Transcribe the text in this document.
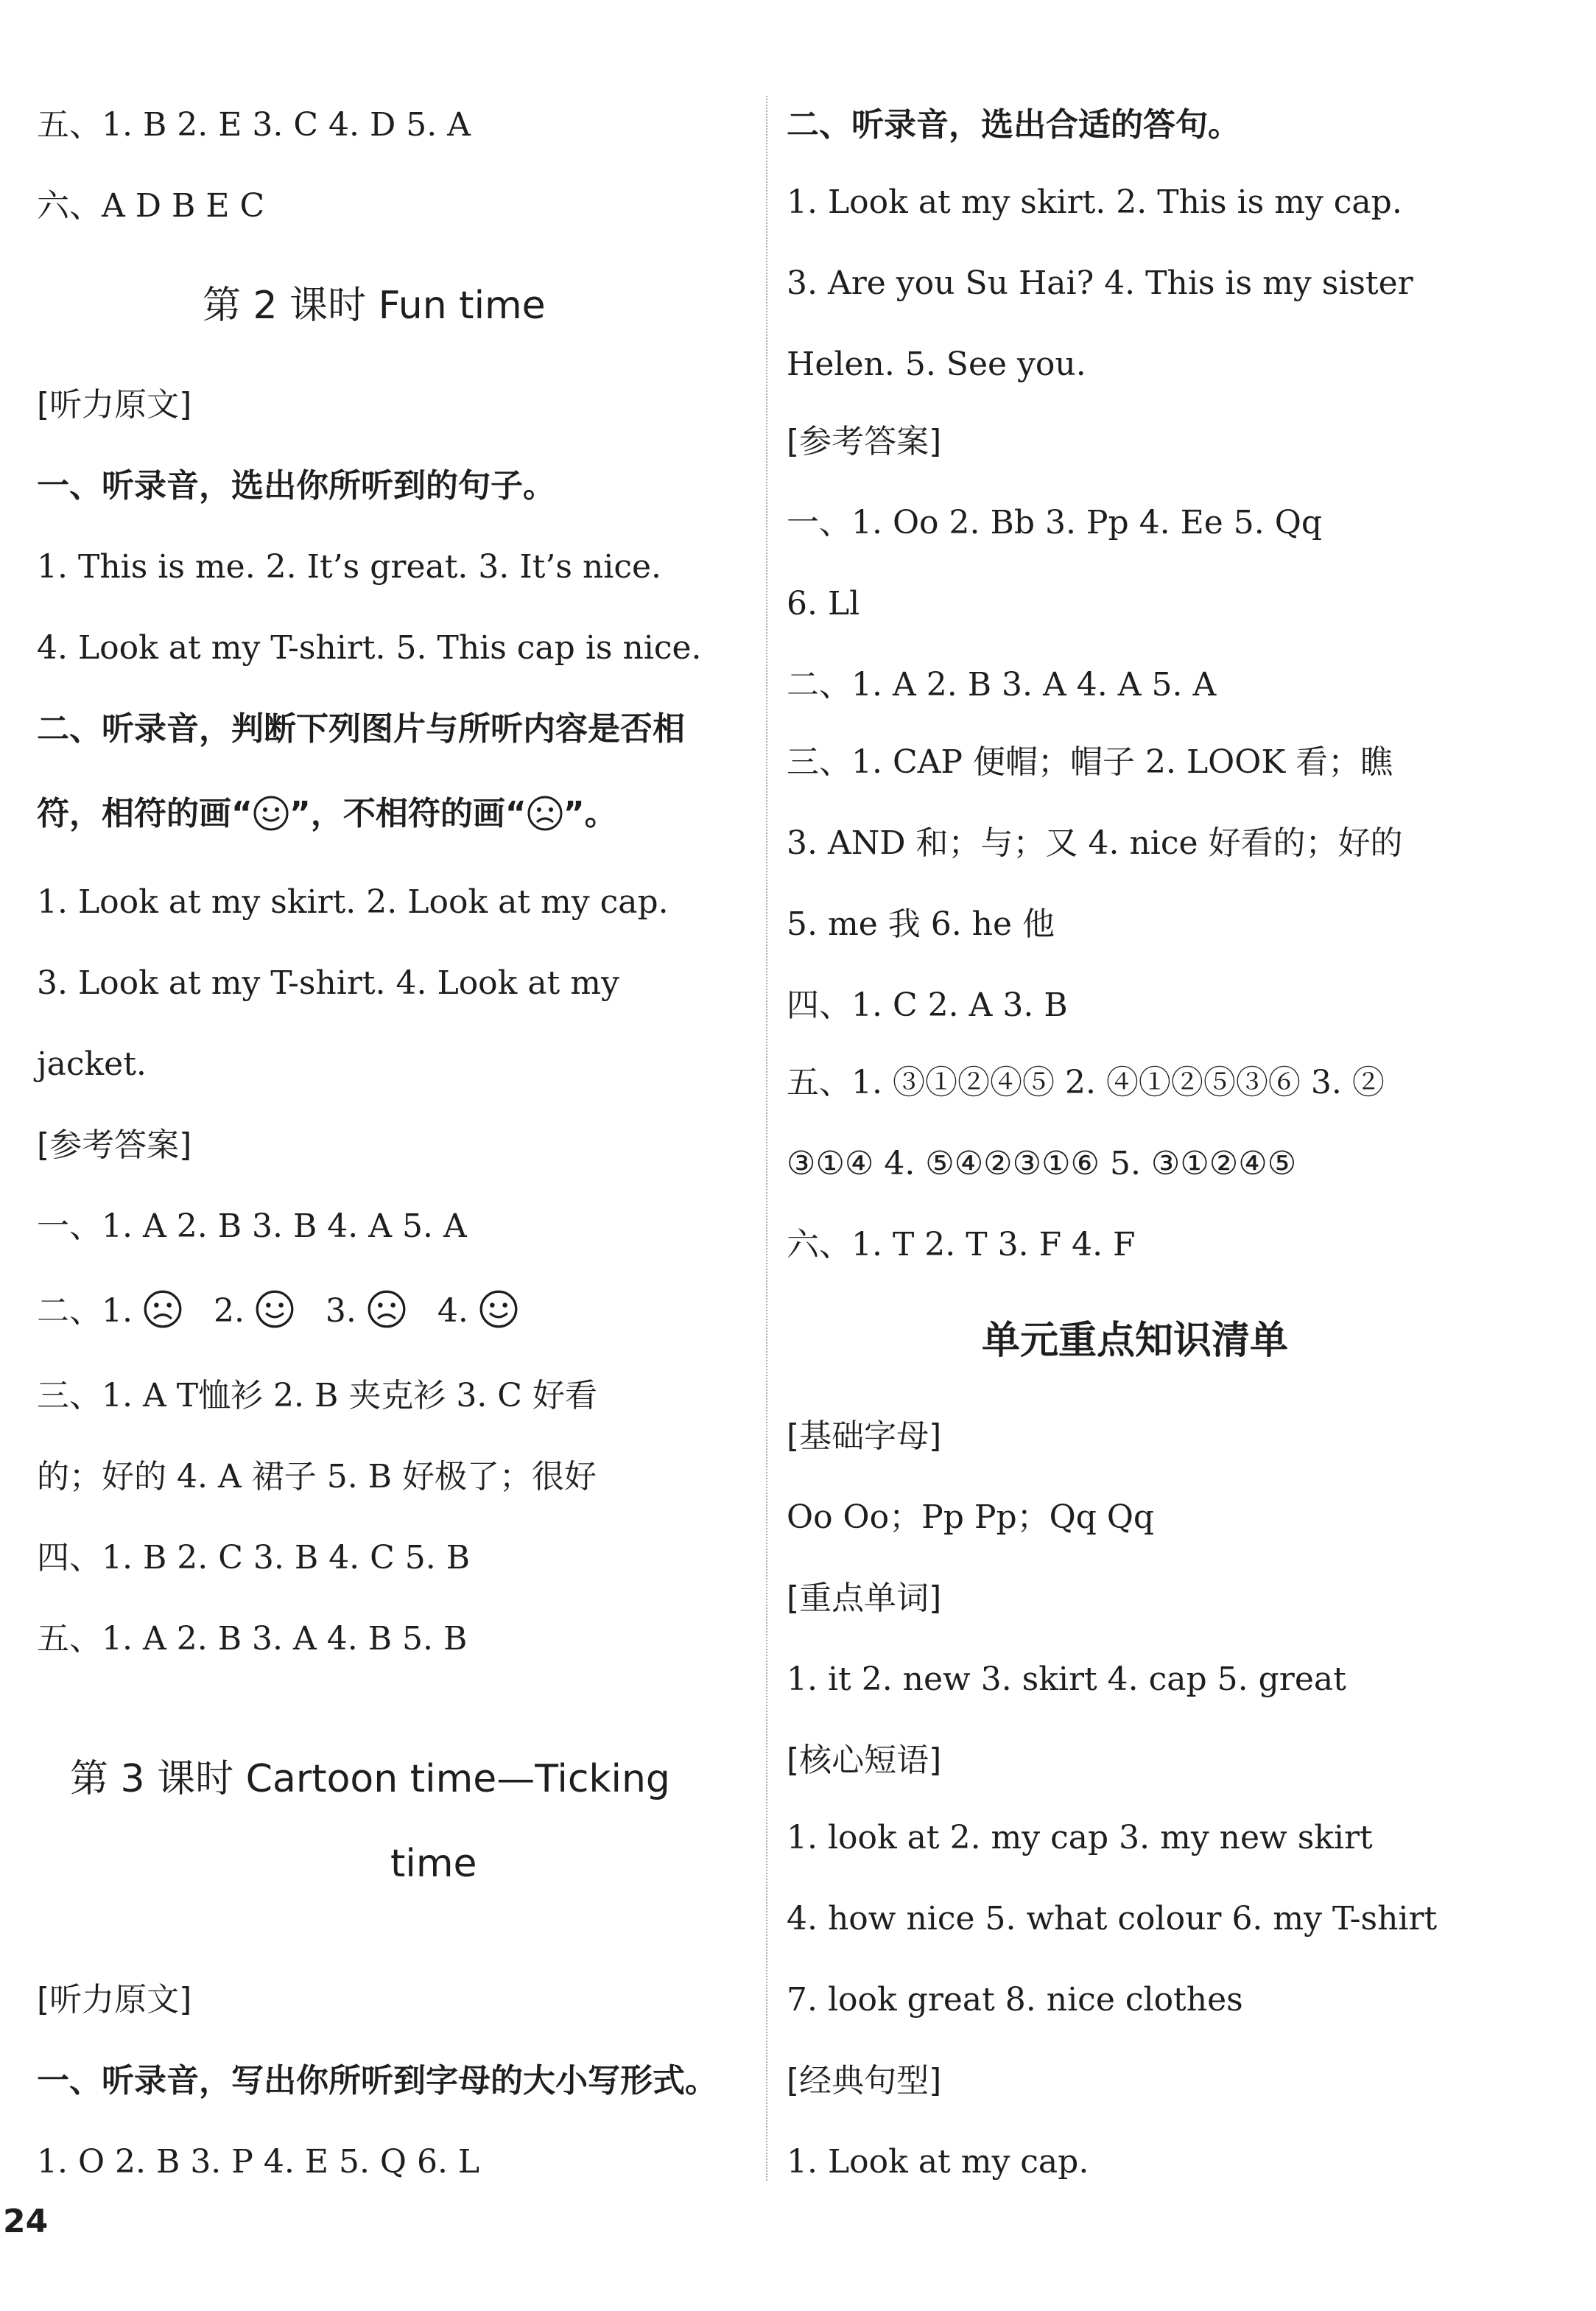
五、1. B 2. E 3. C 4. D 5. A
六、A D B E C
第 2 课时 Fun time
[听力原文]
一、听录音，选出你所听到的句子。
1. This is me. 2. It’s great. 3. It’s nice.
4. Look at my T-shirt. 5. This cap is nice.
二、听录音，判断下列图片与所听内容是否相
符，相符的画“ ”，不相符的画“ ”。
1. Look at my skirt. 2. Look at my cap.
3. Look at my T-shirt. 4. Look at my
jacket.
[参考答案]
一、1. A 2. B 3. B 4. A 5. A
二、1. 2. 3. 4.
三、1. A T恤衫 2. B 夹克衫 3. C 好看
的；好的 4. A 裙子 5. B 好极了；很好
四、1. B 2. C 3. B 4. C 5. B
五、1. A 2. B 3. A 4. B 5. B
第 3 课时 Cartoon time—Ticking
time
[听力原文]
一、听录音，写出你所听到字母的大小写形式。
1. O 2. B 3. P 4. E 5. Q 6. L
二、听录音，选出合适的答句。
1. Look at my skirt. 2. This is my cap.
3. Are you Su Hai? 4. This is my sister
Helen. 5. See you.
[参考答案]
一、1. Oo 2. Bb 3. Pp 4. Ee 5. Qq
6. Ll
二、1. A 2. B 3. A 4. A 5. A
三、1. CAP 便帽；帽子 2. LOOK 看；瞧
3. AND 和；与；又 4. nice 好看的；好的
5. me 我 6. he 他
四、1. C 2. A 3. B
五、1. ③①②④⑤ 2. ④①②⑤③⑥ 3. ②
③①④ 4. ⑤④②③①⑥ 5. ③①②④⑤
六、1. T 2. T 3. F 4. F
单元重点知识清单
[基础字母]
Oo Oo；Pp Pp；Qq Qq
[重点单词]
1. it 2. new 3. skirt 4. cap 5. great
[核心短语]
1. look at 2. my cap 3. my new skirt
4. how nice 5. what colour 6. my T-shirt
7. look great 8. nice clothes
[经典句型]
1. Look at my cap.
24
